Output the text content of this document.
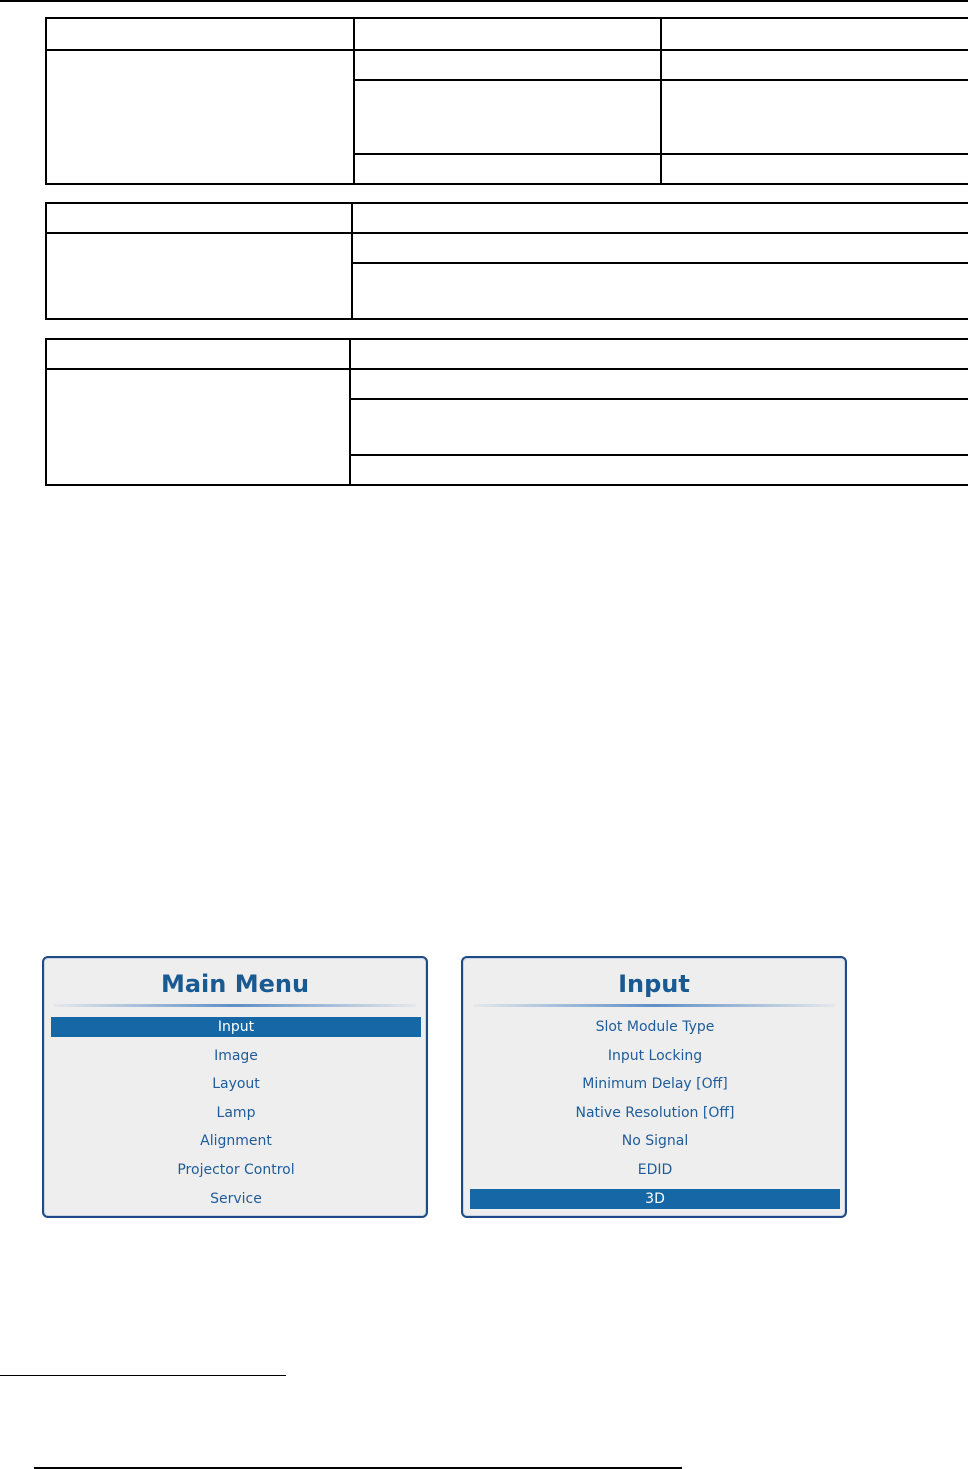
Main Menu
Input
Image
Layout
Lamp
Alignment
Projector Control
Service
Input
Slot Module Type
Input Locking
Minimum Delay [Off]
Native Resolution [Off]
No Signal
EDID
3D
